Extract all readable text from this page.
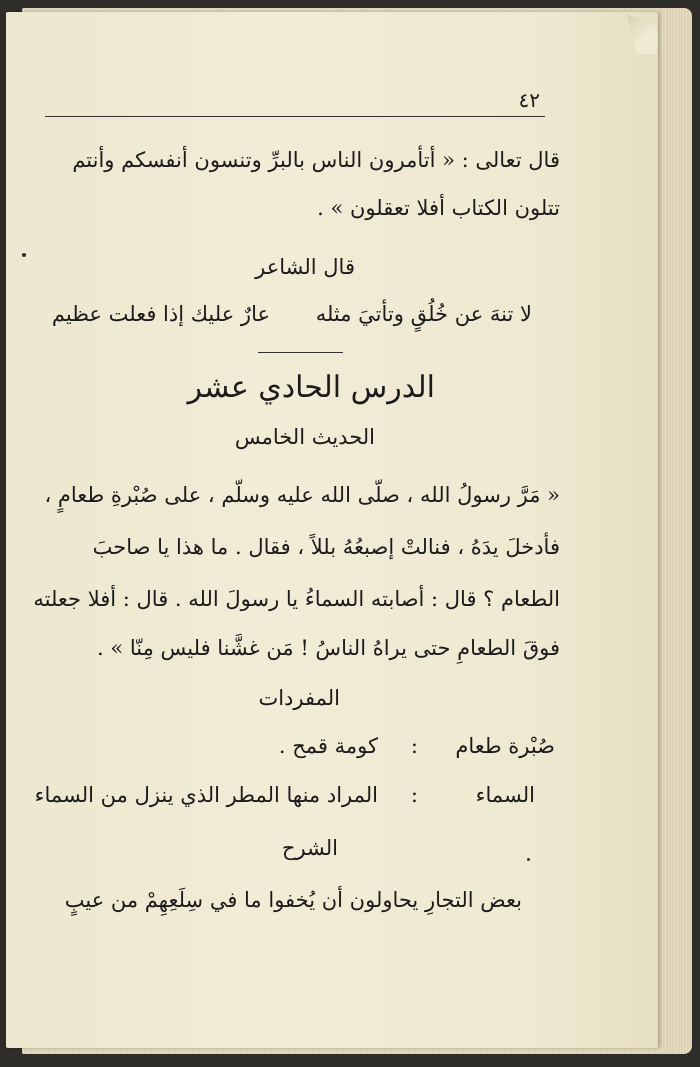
٤٢
قال تعالى : « أتأمرون الناس بالبرِّ وتنسون أنفسكم وأنتم
تتلون الكتاب أفلا تعقلون » .
قال الشاعر
لا تنهَ عن خُلُقٍ وتأتيَ مثله
عارٌ عليك إذا فعلت عظيم
الدرس الحادي عشر
الحديث الخامس
« مَرَّ رسولُ الله ، صلّى الله عليه وسلّم ، على صُبْرةِ طعامٍ ،
فأدخلَ يدَهُ ، فنالتْ إصبعُهُ بللاً ، فقال . ما هذا يا صاحبَ
الطعام ؟ قال : أصابته السماءُ يا رسولَ الله . قال : أفلا جعلته
فوقَ الطعامِ حتى يراهُ الناسُ ! مَن غشَّنا فليس مِنّا » .
المفردات
صُبْرة طعام
:
كومة قمح .
السماء
:
المراد منها المطر الذي ينزل من السماء
الشرح
بعض التجارِ يحاولون أن يُخفوا ما في سِلَعِهِمْ من عيبٍ
